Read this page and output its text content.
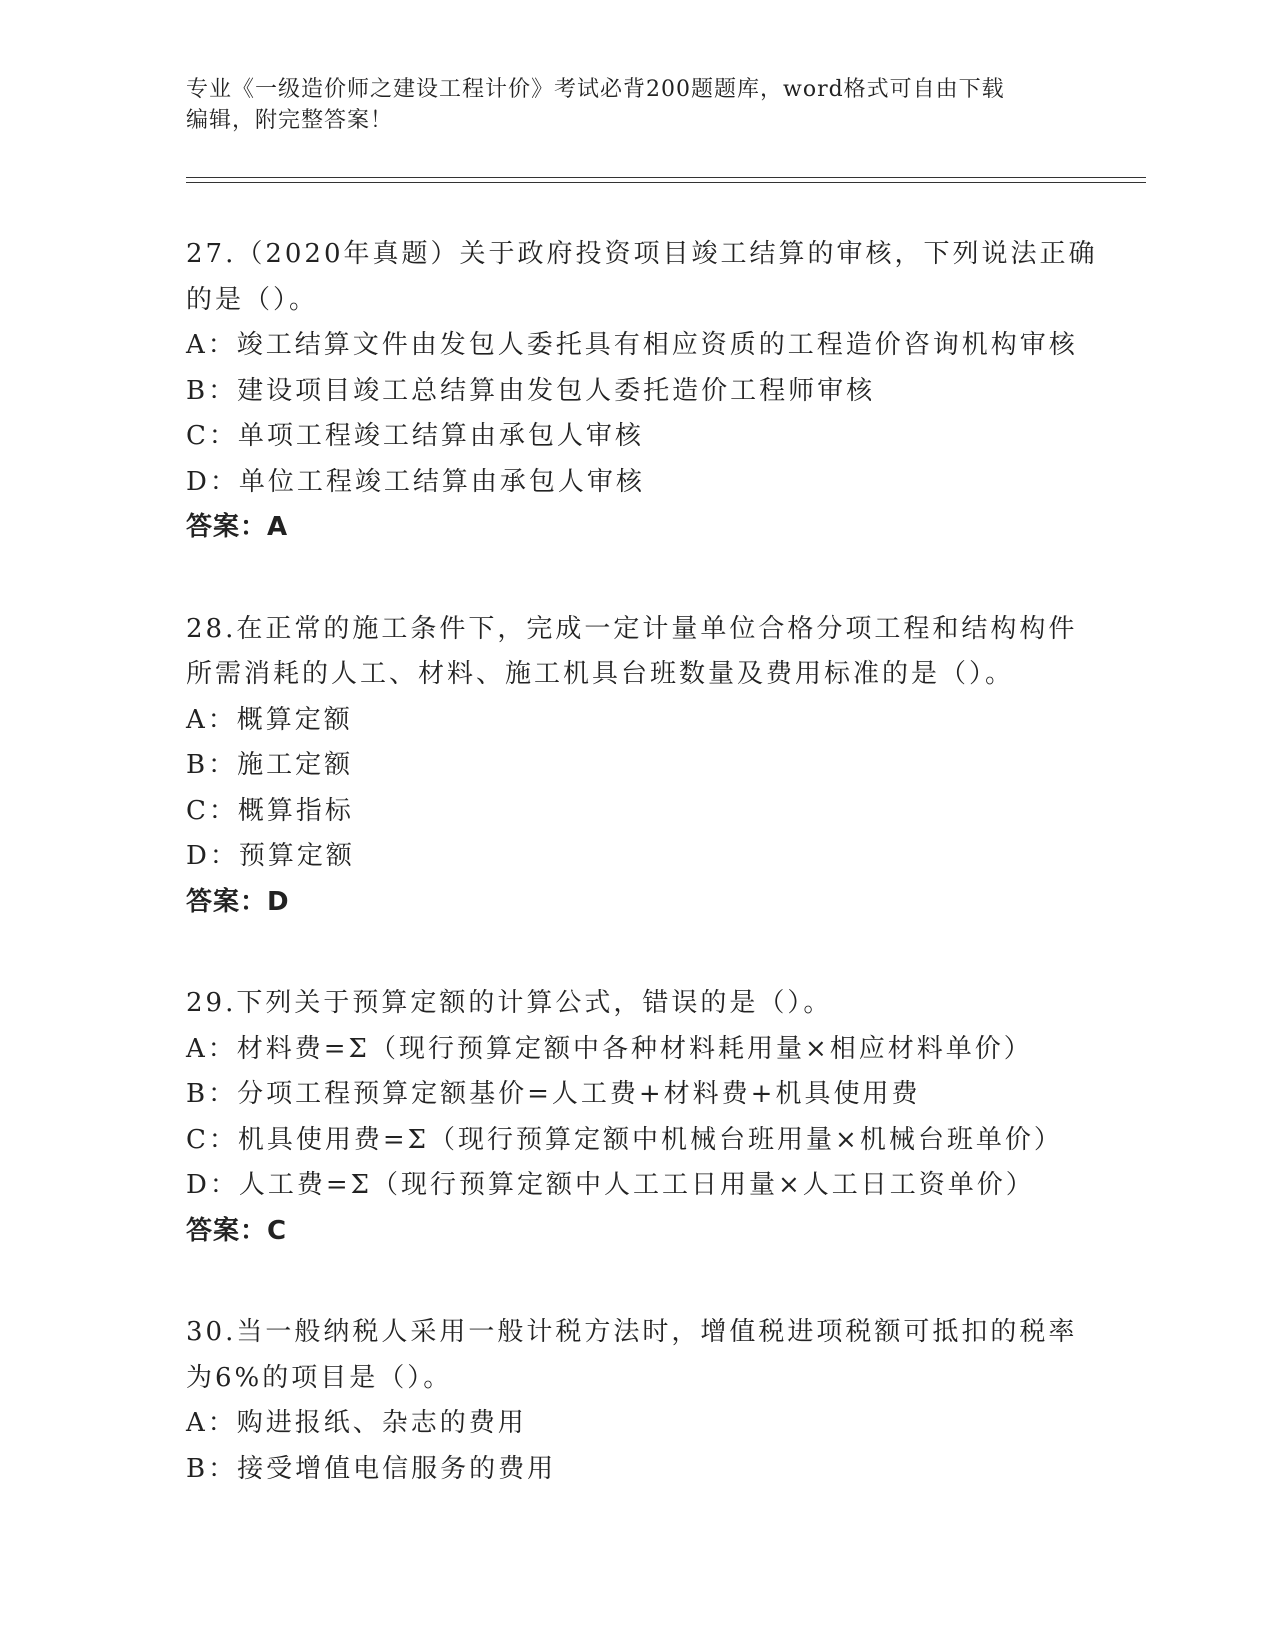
专业《一级造价师之建设工程计价》考试必背200题题库，word格式可自由下载
编辑，附完整答案！
27.（2020年真题）关于政府投资项目竣工结算的审核，下列说法正确
的是（）。
A：竣工结算文件由发包人委托具有相应资质的工程造价咨询机构审核
B：建设项目竣工总结算由发包人委托造价工程师审核
C：单项工程竣工结算由承包人审核
D：单位工程竣工结算由承包人审核
答案：A
28.在正常的施工条件下，完成一定计量单位合格分项工程和结构构件
所需消耗的人工、材料、施工机具台班数量及费用标准的是（）。
A：概算定额
B：施工定额
C：概算指标
D：预算定额
答案：D
29.下列关于预算定额的计算公式，错误的是（）。
A：材料费=Σ（现行预算定额中各种材料耗用量×相应材料单价）
B：分项工程预算定额基价=人工费+材料费+机具使用费
C：机具使用费=Σ（现行预算定额中机械台班用量×机械台班单价）
D：人工费=Σ（现行预算定额中人工工日用量×人工日工资单价）
答案：C
30.当一般纳税人采用一般计税方法时，增值税进项税额可抵扣的税率
为6%的项目是（）。
A：购进报纸、杂志的费用
B：接受增值电信服务的费用
